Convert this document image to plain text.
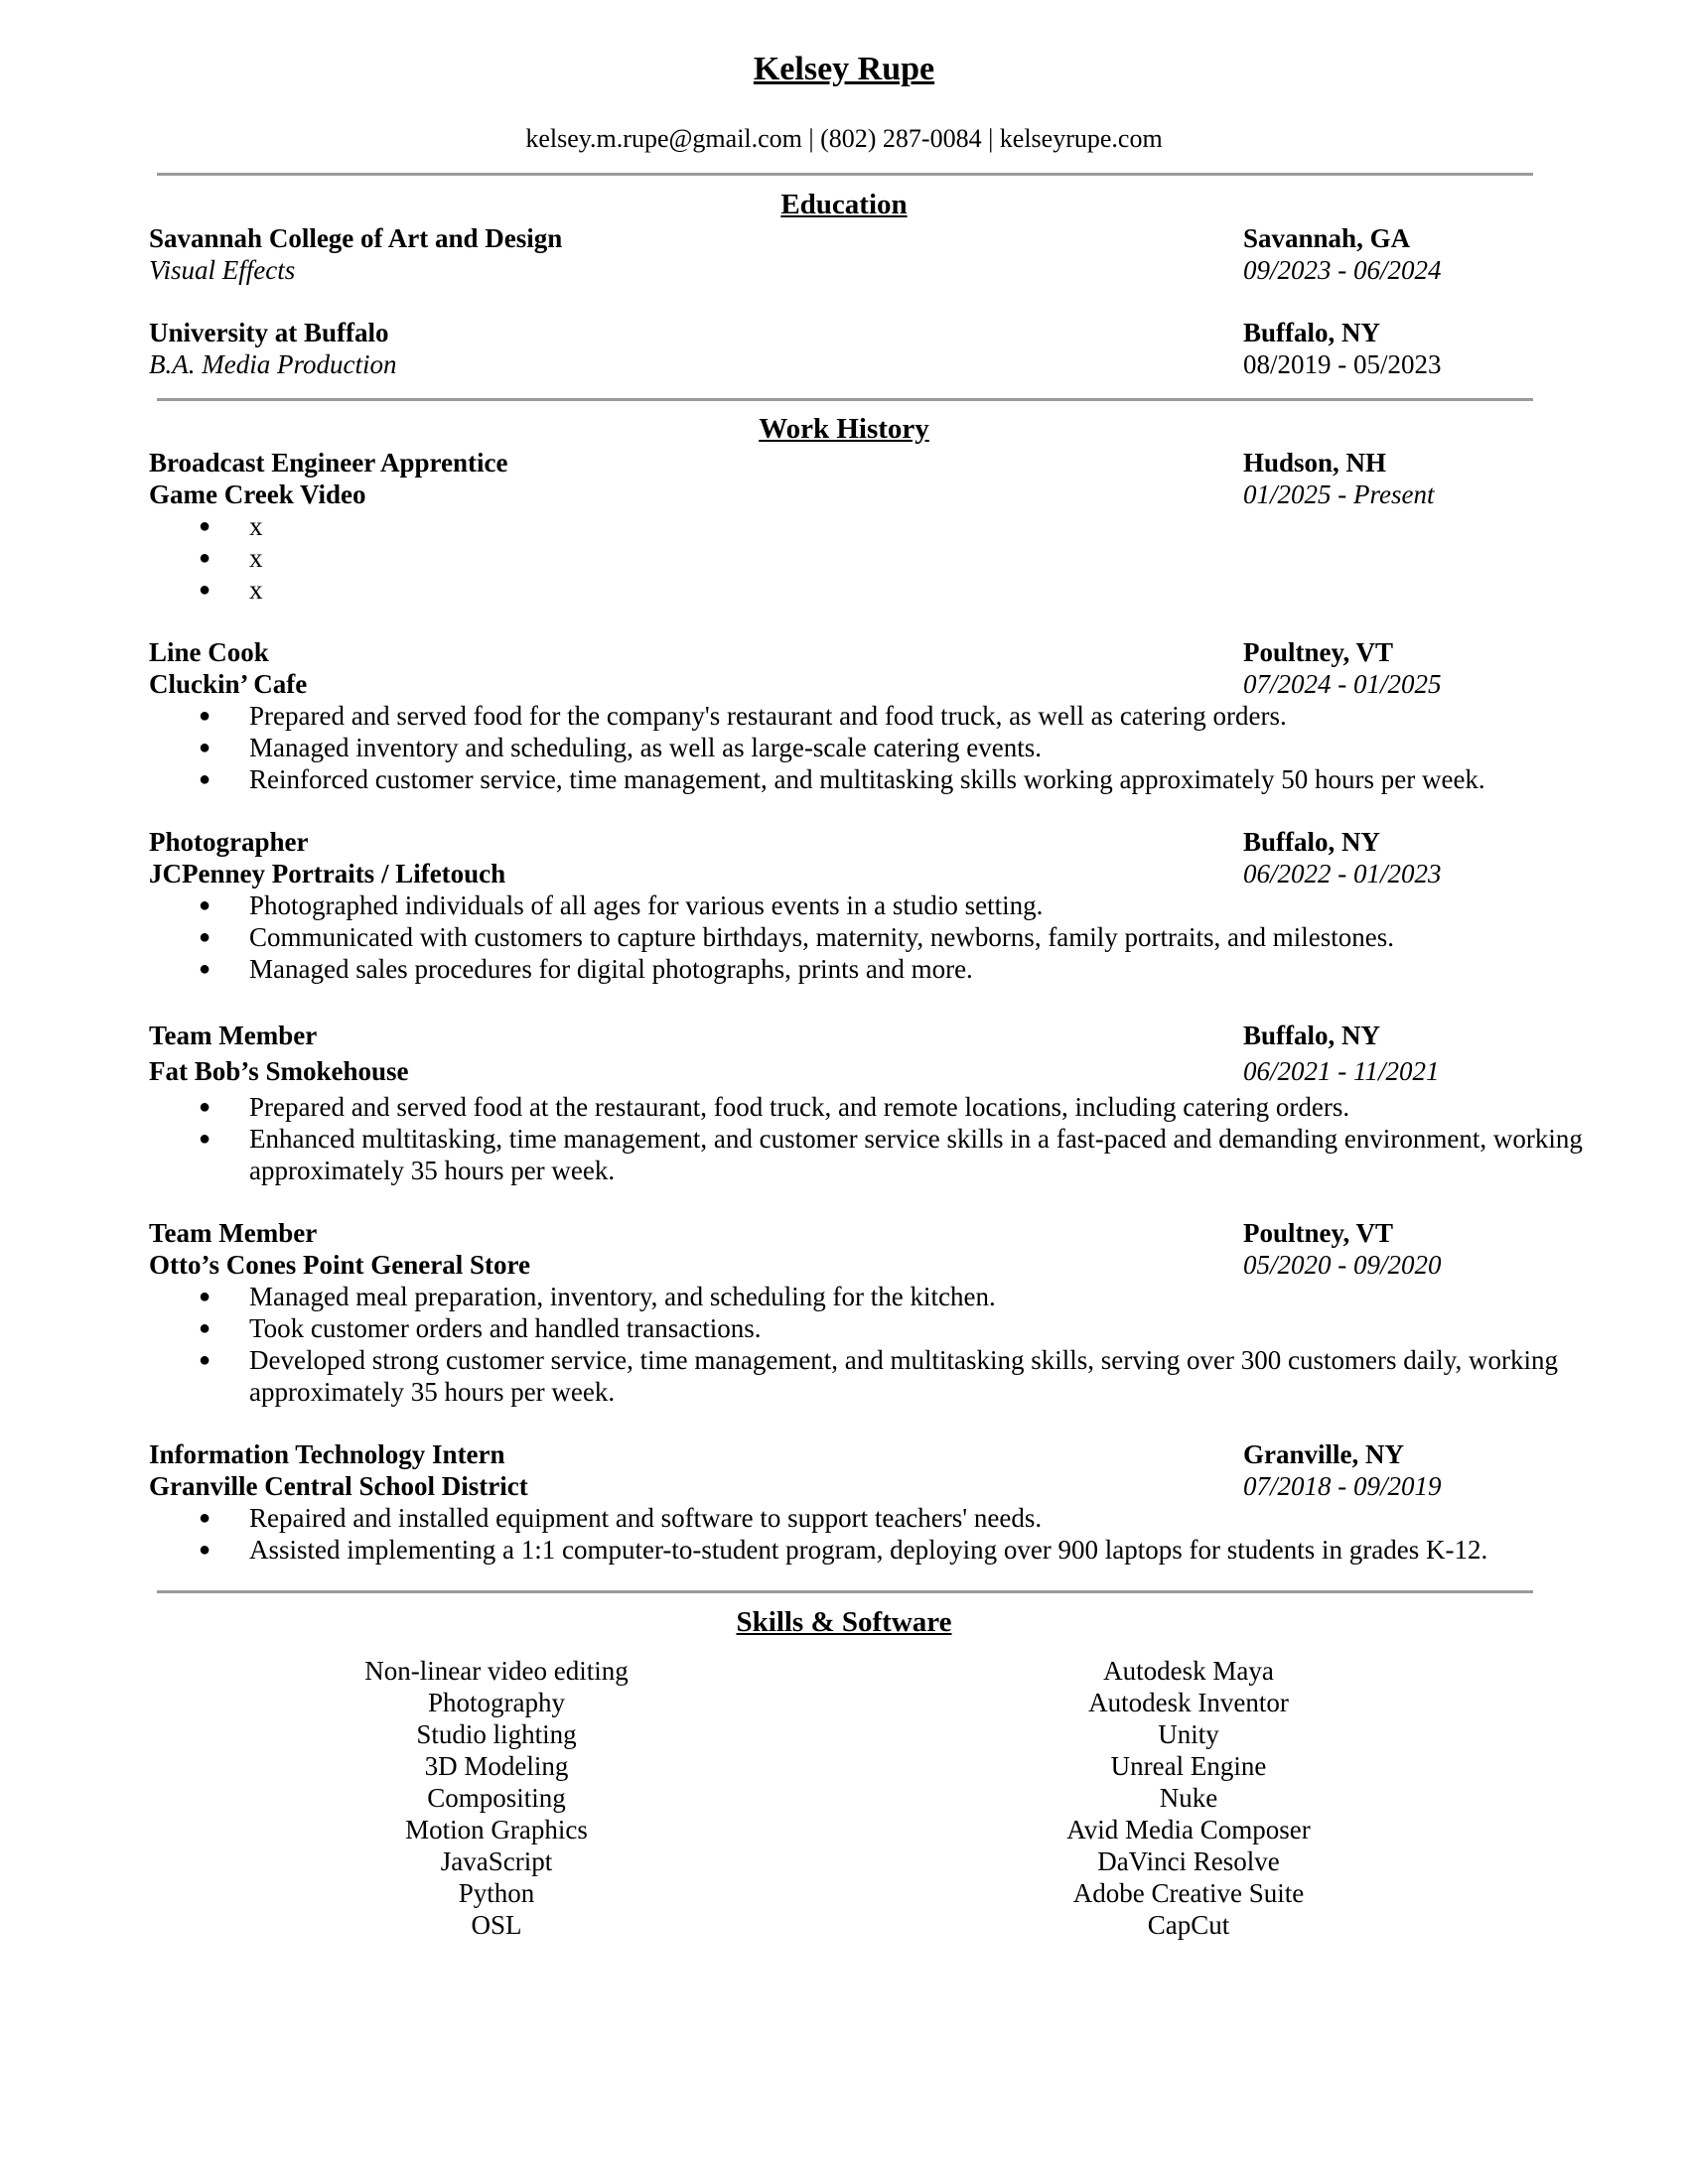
Kelsey Rupe
kelsey.m.rupe@gmail.com | (802) 287-0084 | kelseyrupe.com
Education
Savannah College of Art and Design	Savannah, GA
Visual Effects	09/2023 - 06/2024
University at Buffalo	Buffalo, NY
B.A. Media Production	08/2019 - 05/2023
Work History
Broadcast Engineer Apprentice	Hudson, NH
Game Creek Video	01/2025 - Present
● x
● x
● x
Line Cook	Poultney, VT
Cluckin’ Cafe	07/2024 - 01/2025
● Prepared and served food for the company's restaurant and food truck, as well as catering orders.
● Managed inventory and scheduling, as well as large-scale catering events.
● Reinforced customer service, time management, and multitasking skills working approximately 50 hours per week.
Photographer	Buffalo, NY
JCPenney Portraits / Lifetouch	06/2022 - 01/2023
● Photographed individuals of all ages for various events in a studio setting.
● Communicated with customers to capture birthdays, maternity, newborns, family portraits, and milestones.
● Managed sales procedures for digital photographs, prints and more.
Team Member	Buffalo, NY
Fat Bob’s Smokehouse	06/2021 - 11/2021
● Prepared and served food at the restaurant, food truck, and remote locations, including catering orders.
● Enhanced multitasking, time management, and customer service skills in a fast-paced and demanding environment, working approximately 35 hours per week.
Team Member	Poultney, VT
Otto’s Cones Point General Store	05/2020 - 09/2020
● Managed meal preparation, inventory, and scheduling for the kitchen.
● Took customer orders and handled transactions.
● Developed strong customer service, time management, and multitasking skills, serving over 300 customers daily, working approximately 35 hours per week.
Information Technology Intern	Granville, NY
Granville Central School District	07/2018 - 09/2019
● Repaired and installed equipment and software to support teachers' needs.
● Assisted implementing a 1:1 computer-to-student program, deploying over 900 laptops for students in grades K-12.
Skills & Software
Non-linear video editing
Photography
Studio lighting
3D Modeling
Compositing
Motion Graphics
JavaScript
Python
OSL
Autodesk Maya
Autodesk Inventor
Unity
Unreal Engine
Nuke
Avid Media Composer
DaVinci Resolve
Adobe Creative Suite
CapCut
